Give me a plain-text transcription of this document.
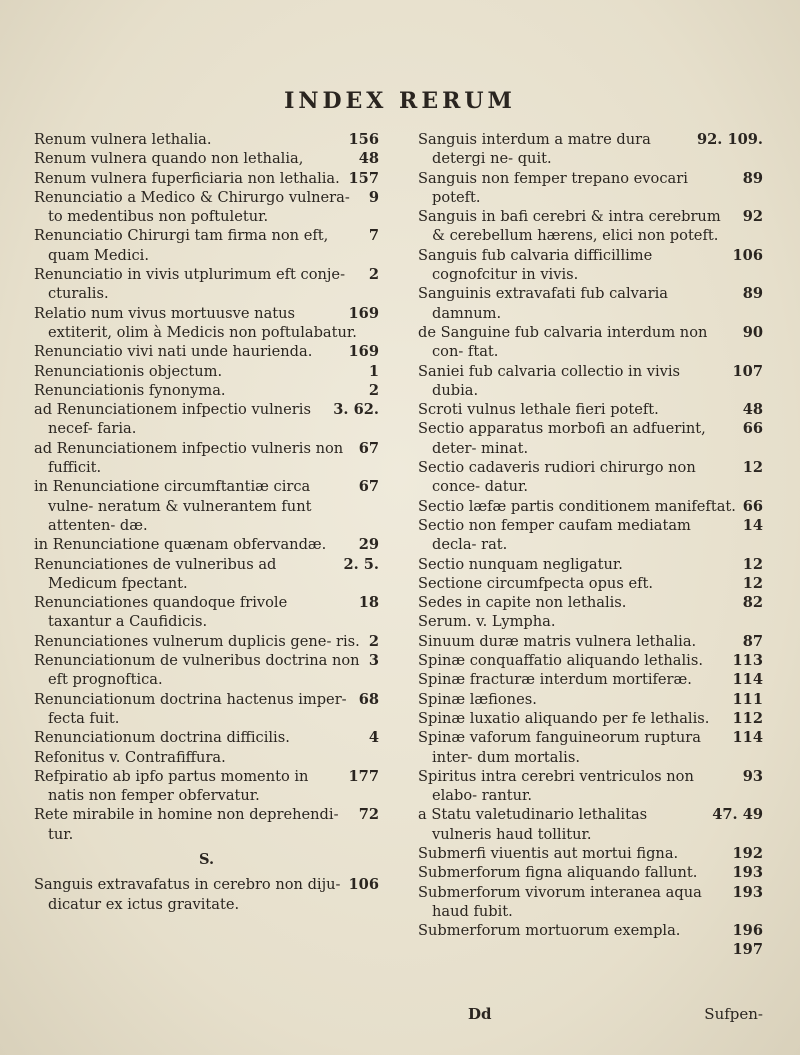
INDEX RERUM
156
Renum vulnera lethalia.
48
Renum vulnera quando non lethalia,
157
Renum vulnera fuperficiaria non lethalia.
9
Renunciatio a Medico & Chirurgo vulnera- to medentibus non poftuletur.
7
Renunciatio Chirurgi tam firma non eft, quam Medici.
2
Renunciatio in vivis utplurimum eft conje- cturalis.
169
Relatio num vivus mortuusve natus extiterit, olim à Medicis non poftulabatur.
169
Renunciatio vivi nati unde haurienda.
1
Renunciationis objectum.
2
Renunciationis fynonyma.
3. 62.
ad Renunciationem infpectio vulneris necef- faria.
67
ad Renunciationem infpectio vulneris non fufficit.
67
in Renunciatione circumftantiæ circa vulne- neratum & vulnerantem funt attenten- dæ.
29
in Renunciatione quænam obfervandæ.
2. 5.
Renunciationes de vulneribus ad Medicum fpectant.
18
Renunciationes quandoque frivole taxantur a Caufidicis.
2
Renunciationes vulnerum duplicis gene- ris.
3
Renunciationum de vulneribus doctrina non eft prognoftica.
68
Renunciationum doctrina hactenus imper- fecta fuit.
4
Renunciationum doctrina difficilis.
Refonitus v. Contrafiffura.
177
Refpiratio ab ipfo partus momento in natis non femper obfervatur.
72
Rete mirabile in homine non deprehendi- tur.
S.
106
Sanguis extravafatus in cerebro non diju- dicatur ex ictus gravitate.
92. 109.
Sanguis interdum a matre dura detergi ne- quit.
89
Sanguis non femper trepano evocari poteft.
92
Sanguis in bafi cerebri & intra cerebrum & cerebellum hærens, elici non poteft.
106
Sanguis fub calvaria difficillime cognofcitur in vivis.
89
Sanguinis extravafati fub calvaria damnum.
90
de Sanguine fub calvaria interdum non con- ftat.
107
Saniei fub calvaria collectio in vivis dubia.
48
Scroti vulnus lethale fieri poteft.
66
Sectio apparatus morbofi an adfuerint, deter- minat.
12
Sectio cadaveris rudiori chirurgo non conce- datur.
66
Sectio læfæ partis conditionem manifeftat.
14
Sectio non femper caufam mediatam decla- rat.
12
Sectio nunquam negligatur.
12
Sectione circumfpecta opus eft.
82
Sedes in capite non lethalis.
Serum. v. Lympha.
87
Sinuum duræ matris vulnera lethalia.
113
Spinæ conquaffatio aliquando lethalis.
114
Spinæ fracturæ interdum mortiferæ.
111
Spinæ læfiones.
112
Spinæ luxatio aliquando per fe lethalis.
114
Spinæ vaforum fanguineorum ruptura inter- dum mortalis.
93
Spiritus intra cerebri ventriculos non elabo- rantur.
47. 49
a Statu valetudinario lethalitas vulneris haud tollitur.
192
Submerfi viuentis aut mortui figna.
193
Submerforum figna aliquando fallunt.
193
Submerforum vivorum interanea aqua haud fubit.
196
Submerforum mortuorum exempla.
197
Dd	Sufpen-
